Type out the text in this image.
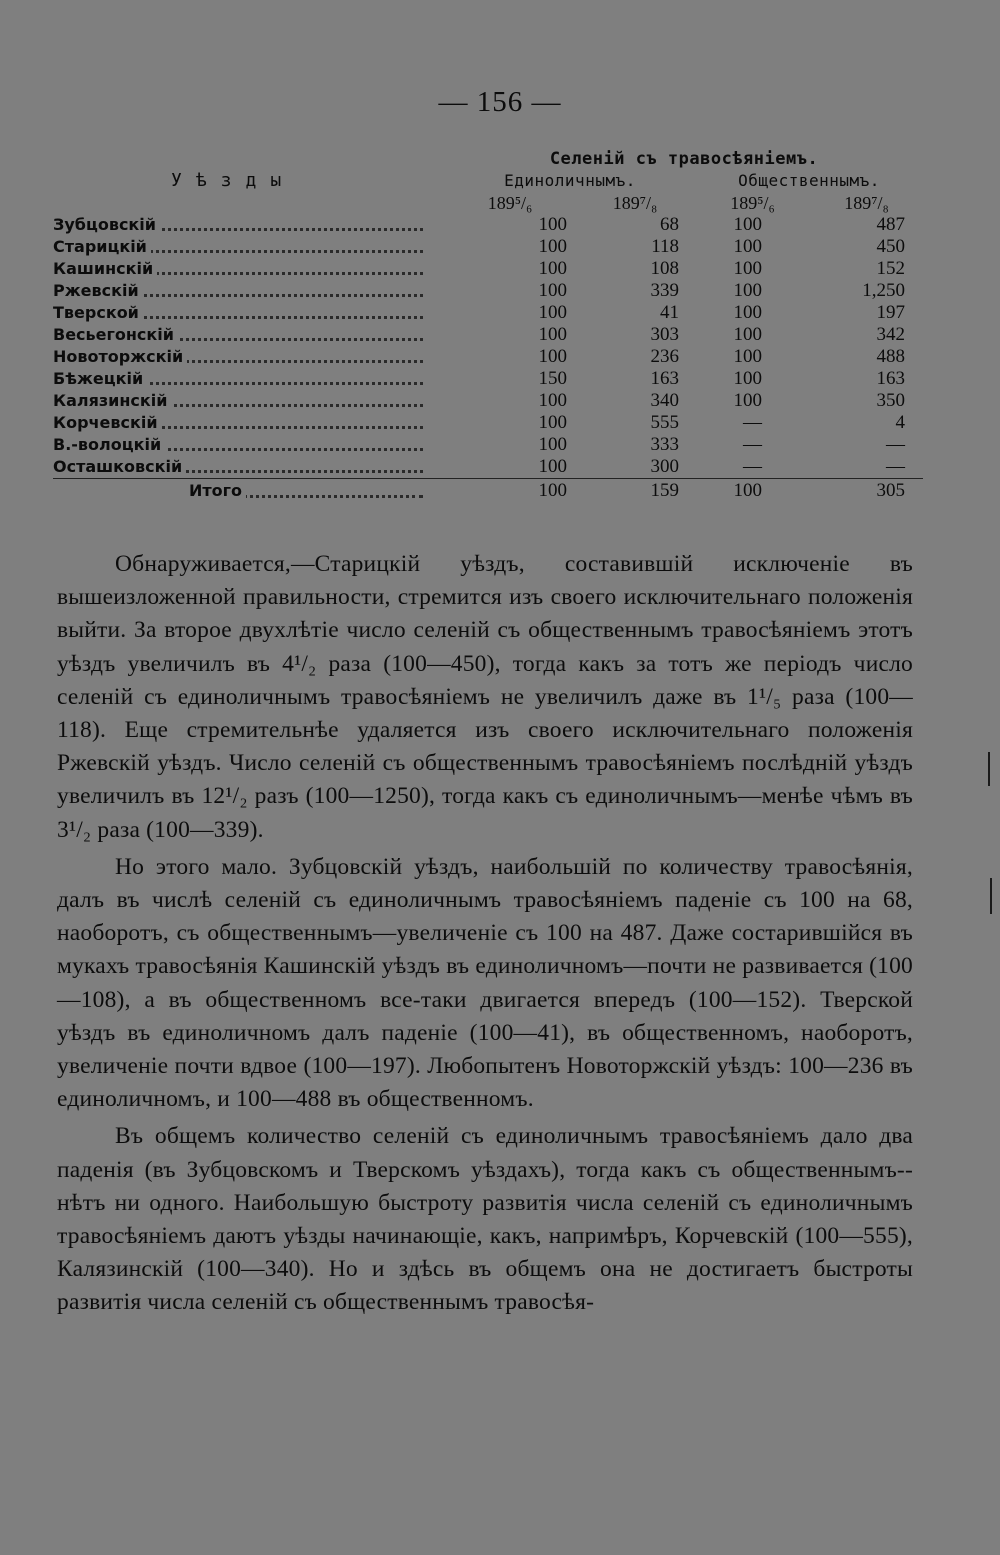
— 156 —
	Селеній съ травосѣяніемъ.			
Уѣзды	Единоличнымъ.		Общественнымъ.	
	189⁵/₆	189⁷/₈	189⁵/₆	189⁷/₈

Зубцовскій	100	68	100	487

Старицкій	100	118	100	450

Кашинскій	100	108	100	152

Ржевскій	100	339	100	1,250

Тверской	100	41	100	197

Весьегонскій	100	303	100	342

Новоторжскій	100	236	100	488

Бѣжецкій	150	163	100	163

Калязинскій	100	340	100	350

Корчевскій	100	555	—	4

В.-волоцкій	100	333	—	—

Осташковскій	100	300	—	—

Итого	100	159	100	305

Обнаруживается,—Старицкій уѣздъ, составившій исключеніе въ вышеизложенной правильности, стремится изъ своего исключительнаго положенія выйти. За второе двухлѣтіе число селеній съ общественнымъ травосѣяніемъ этотъ уѣздъ увеличилъ въ 4¹/₂ раза (100—450), тогда какъ за тотъ же періодъ число селеній съ единоличнымъ травосѣяніемъ не увеличилъ даже въ 1¹/₅ раза (100—118). Еще стремительнѣе удаляется изъ своего исключительнаго положенія Ржевскій уѣздъ. Число селеній съ общественнымъ травосѣяніемъ послѣдній уѣздъ увеличилъ въ 12¹/₂ разъ (100—1250), тогда какъ съ единоличнымъ—менѣе чѣмъ въ 3¹/₂ раза (100—339).

Но этого мало. Зубцовскій уѣздъ, наибольшій по количеству травосѣянія, далъ въ числѣ селеній съ единоличнымъ травосѣяніемъ паденіе съ 100 на 68, наоборотъ, съ общественнымъ—увеличеніе съ 100 на 487. Даже состарившійся въ мукахъ травосѣянія Кашинскій уѣздъ въ единоличномъ—почти не развивается (100—108), а въ общественномъ все-таки двигается впередъ (100—152). Тверской уѣздъ въ единоличномъ далъ паденіе (100—41), въ общественномъ, наоборотъ, увеличеніе почти вдвое (100—197). Любопытенъ Новоторжскій уѣздъ: 100—236 въ единоличномъ, и 100—488 въ общественномъ.

Въ общемъ количество селеній съ единоличнымъ травосѣяніемъ дало два паденія (въ Зубцовскомъ и Тверскомъ уѣздахъ), тогда какъ съ общественнымъ--нѣтъ ни одного. Наибольшую быстроту развитія числа селеній съ единоличнымъ травосѣяніемъ даютъ уѣзды начинающіе, какъ, напримѣръ, Корчевскій (100—555), Калязинскій (100—340). Но и здѣсь въ общемъ она не достигаетъ быстроты развитія числа селеній съ общественнымъ травосѣя-
